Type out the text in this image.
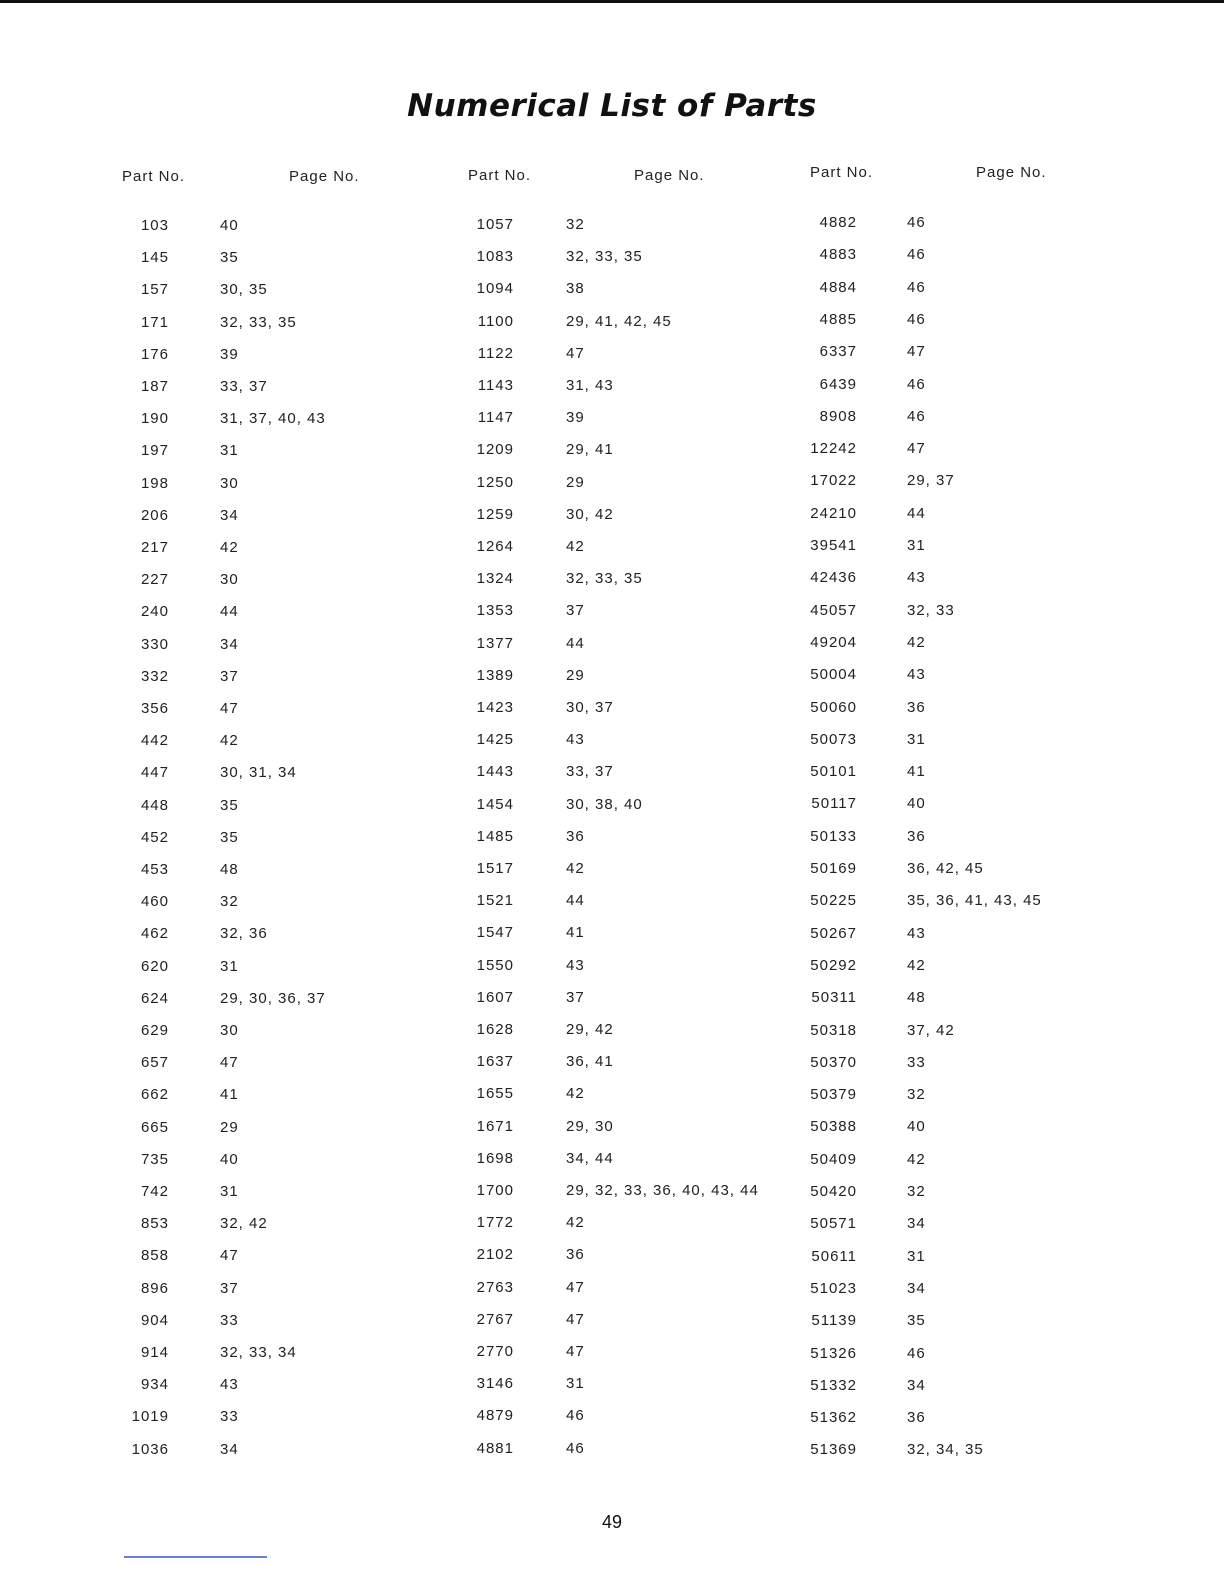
Numerical List of Parts
Part No.	Page No.
103	40
145	35
157	30, 35
171	32, 33, 35
176	39
187	33, 37
190	31, 37, 40, 43
197	31
198	30
206	34
217	42
227	30
240	44
330	34
332	37
356	47
442	42
447	30, 31, 34
448	35
452	35
453	48
460	32
462	32, 36
620	31
624	29, 30, 36, 37
629	30
657	47
662	41
665	29
735	40
742	31
853	32, 42
858	47
896	37
904	33
914	32, 33, 34
934	43
1019	33
1036	34
Part No.	Page No.
1057	32
1083	32, 33, 35
1094	38
1100	29, 41, 42, 45
1122	47
1143	31, 43
1147	39
1209	29, 41
1250	29
1259	30, 42
1264	42
1324	32, 33, 35
1353	37
1377	44
1389	29
1423	30, 37
1425	43
1443	33, 37
1454	30, 38, 40
1485	36
1517	42
1521	44
1547	41
1550	43
1607	37
1628	29, 42
1637	36, 41
1655	42
1671	29, 30
1698	34, 44
1700	29, 32, 33, 36, 40, 43, 44
1772	42
2102	36
2763	47
2767	47
2770	47
3146	31
4879	46
4881	46
Part No.	Page No.
4882	46
4883	46
4884	46
4885	46
6337	47
6439	46
8908	46
12242	47
17022	29, 37
24210	44
39541	31
42436	43
45057	32, 33
49204	42
50004	43
50060	36
50073	31
50101	41
50117	40
50133	36
50169	36, 42, 45
50225	35, 36, 41, 43, 45
50267	43
50292	42
50311	48
50318	37, 42
50370	33
50379	32
50388	40
50409	42
50420	32
50571	34
50611	31
51023	34
51139	35
51326	46
51332	34
51362	36
51369	32, 34, 35
49
